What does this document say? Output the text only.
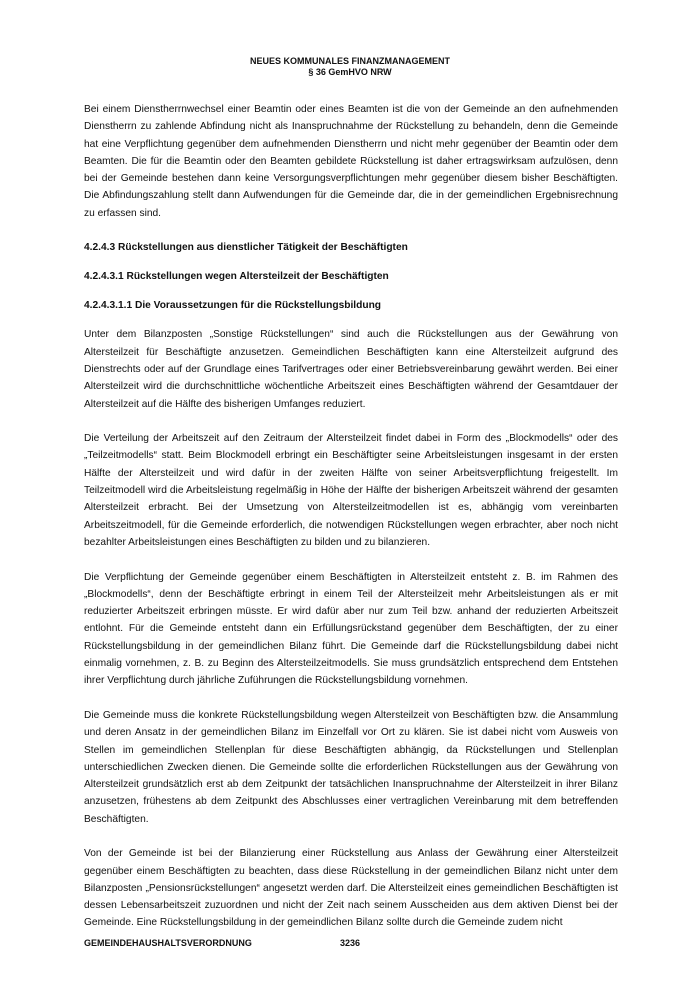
NEUES KOMMUNALES FINANZMANAGEMENT
§ 36 GemHVO NRW

Bei einem Dienstherrnwechsel einer Beamtin oder eines Beamten ist die von der Gemeinde an den aufnehmenden Dienstherrn zu zahlende Abfindung nicht als Inanspruchnahme der Rückstellung zu behandeln, denn die Gemeinde hat eine Verpflichtung gegenüber dem aufnehmenden Dienstherrn und nicht mehr gegenüber der Beamtin oder dem Beamten. Die für die Beamtin oder den Beamten gebildete Rückstellung ist daher ertragswirksam aufzulösen, denn bei der Gemeinde bestehen dann keine Versorgungsverpflichtungen mehr gegenüber diesem bisher Beschäftigten. Die Abfindungszahlung stellt dann Aufwendungen für die Gemeinde dar, die in der gemeindlichen Ergebnisrechnung zu erfassen sind.

4.2.4.3 Rückstellungen aus dienstlicher Tätigkeit der Beschäftigten
4.2.4.3.1 Rückstellungen wegen Altersteilzeit der Beschäftigten
4.2.4.3.1.1 Die Voraussetzungen für die Rückstellungsbildung

Unter dem Bilanzposten „Sonstige Rückstellungen“ sind auch die Rückstellungen aus der Gewährung von Altersteilzeit für Beschäftigte anzusetzen. Gemeindlichen Beschäftigten kann eine Altersteilzeit aufgrund des Dienstrechts oder auf der Grundlage eines Tarifvertrages oder einer Betriebsvereinbarung gewährt werden. Bei einer Altersteilzeit wird die durchschnittliche wöchentliche Arbeitszeit eines Beschäftigten während der Gesamtdauer der Altersteilzeit auf die Hälfte des bisherigen Umfanges reduziert.

Die Verteilung der Arbeitszeit auf den Zeitraum der Altersteilzeit findet dabei in Form des „Blockmodells“ oder des „Teilzeitmodells“ statt. Beim Blockmodell erbringt ein Beschäftigter seine Arbeitsleistungen insgesamt in der ersten Hälfte der Altersteilzeit und wird dafür in der zweiten Hälfte von seiner Arbeitsverpflichtung freigestellt. Im Teilzeitmodell wird die Arbeitsleistung regelmäßig in Höhe der Hälfte der bisherigen Arbeitszeit während der gesamten Altersteilzeit erbracht. Bei der Umsetzung von Altersteilzeitmodellen ist es, abhängig vom vereinbarten Arbeitszeitmodell, für die Gemeinde erforderlich, die notwendigen Rückstellungen wegen erbrachter, aber noch nicht bezahlter Arbeitsleistungen eines Beschäftigten zu bilden und zu bilanzieren.

Die Verpflichtung der Gemeinde gegenüber einem Beschäftigten in Altersteilzeit entsteht z. B. im Rahmen des „Blockmodells“, denn der Beschäftigte erbringt in einem Teil der Altersteilzeit mehr Arbeitsleistungen als er mit reduzierter Arbeitszeit erbringen müsste. Er wird dafür aber nur zum Teil bzw. anhand der reduzierten Arbeitszeit entlohnt. Für die Gemeinde entsteht dann ein Erfüllungsrückstand gegenüber dem Beschäftigten, der zu einer Rückstellungsbildung in der gemeindlichen Bilanz führt. Die Gemeinde darf die Rückstellungsbildung dabei nicht einmalig vornehmen, z. B. zu Beginn des Altersteilzeitmodells. Sie muss grundsätzlich entsprechend dem Entstehen ihrer Verpflichtung durch jährliche Zuführungen die Rückstellungsbildung vornehmen.

Die Gemeinde muss die konkrete Rückstellungsbildung wegen Altersteilzeit von Beschäftigten bzw. die Ansammlung und deren Ansatz in der gemeindlichen Bilanz im Einzelfall vor Ort zu klären. Sie ist dabei nicht vom Ausweis von Stellen im gemeindlichen Stellenplan für diese Beschäftigten abhängig, da Rückstellungen und Stellenplan unterschiedlichen Zwecken dienen. Die Gemeinde sollte die erforderlichen Rückstellungen aus der Gewährung von Altersteilzeit grundsätzlich erst ab dem Zeitpunkt der tatsächlichen Inanspruchnahme der Altersteilzeit in ihrer Bilanz anzusetzen, frühestens ab dem Zeitpunkt des Abschlusses einer vertraglichen Vereinbarung mit dem betreffenden Beschäftigten.

Von der Gemeinde ist bei der Bilanzierung einer Rückstellung aus Anlass der Gewährung einer Altersteilzeit gegenüber einem Beschäftigten zu beachten, dass diese Rückstellung in der gemeindlichen Bilanz nicht unter dem Bilanzposten „Pensionsrückstellungen“ angesetzt werden darf. Die Altersteilzeit eines gemeindlichen Beschäftigten ist dessen Lebensarbeitszeit zuzuordnen und nicht der Zeit nach seinem Ausscheiden aus dem aktiven Dienst bei der Gemeinde. Eine Rückstellungsbildung in der gemeindlichen Bilanz sollte durch die Gemeinde zudem nicht

GEMEINDEHAUSHALTSVERORDNUNG	3236
